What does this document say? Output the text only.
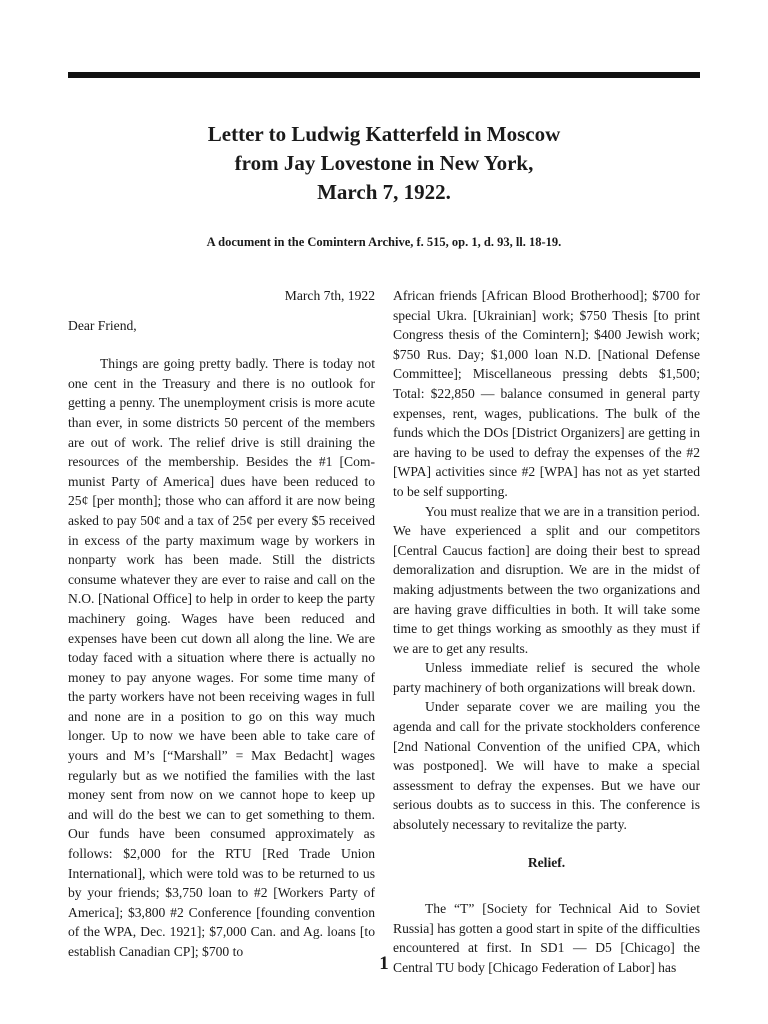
Letter to Ludwig Katterfeld in Moscow
from Jay Lovestone in New York,
March 7, 1922.
A document in the Comintern Archive, f. 515, op. 1, d. 93, ll. 18-19.
March 7th, 1922
Dear Friend,

Things are going pretty badly. There is today not one cent in the Treasury and there is no outlook for getting a penny. The unemployment crisis is more acute than ever, in some districts 50 percent of the members are out of work. The relief drive is still draining the resources of the membership. Besides the #1 [Communist Party of America] dues have been reduced to 25¢ [per month]; those who can afford it are now being asked to pay 50¢ and a tax of 25¢ per every $5 received in excess of the party maximum wage by workers in nonparty work has been made. Still the districts consume whatever they are ever to raise and call on the N.O. [National Office] to help in order to keep the party machinery going. Wages have been reduced and expenses have been cut down all along the line. We are today faced with a situation where there is actually no money to pay anyone wages. For some time many of the party workers have not been receiving wages in full and none are in a position to go on this way much longer. Up to now we have been able to take care of yours and M’s [“Marshall” = Max Bedacht] wages regularly but as we notified the families with the last money sent from now on we cannot hope to keep up and will do the best we can to get something to them. Our funds have been consumed approximately as follows: $2,000 for the RTU [Red Trade Union International], which were told was to be returned to us by your friends; $3,750 loan to #2 [Workers Party of America]; $3,800 #2 Conference [founding convention of the WPA, Dec. 1921]; $7,000 Can. and Ag. loans [to establish Canadian CP]; $700 to

African friends [African Blood Brotherhood]; $700 for special Ukra. [Ukrainian] work; $750 Thesis [to print Congress thesis of the Comintern]; $400 Jewish work; $750 Rus. Day; $1,000 loan N.D. [National Defense Committee]; Miscellaneous pressing debts $1,500; Total: $22,850 — balance consumed in general party expenses, rent, wages, publications. The bulk of the funds which the DOs [District Organizers] are getting in are having to be used to defray the expenses of the #2 [WPA] activities since #2 [WPA] has not as yet started to be self supporting.

You must realize that we are in a transition period. We have experienced a split and our competitors [Central Caucus faction] are doing their best to spread demoralization and disruption. We are in the midst of making adjustments between the two organizations and are having grave difficulties in both. It will take some time to get things working as smoothly as they must if we are to get any results.

Unless immediate relief is secured the whole party machinery of both organizations will break down.

Under separate cover we are mailing you the agenda and call for the private stockholders conference [2nd National Convention of the unified CPA, which was postponed]. We will have to make a special assessment to defray the expenses. But we have our serious doubts as to success in this. The conference is absolutely necessary to revitalize the party.

Relief.

The “T” [Society for Technical Aid to Soviet Russia] has gotten a good start in spite of the difficulties encountered at first. In SD1 — D5 [Chicago] the Central TU body [Chicago Federation of Labor] has

1
